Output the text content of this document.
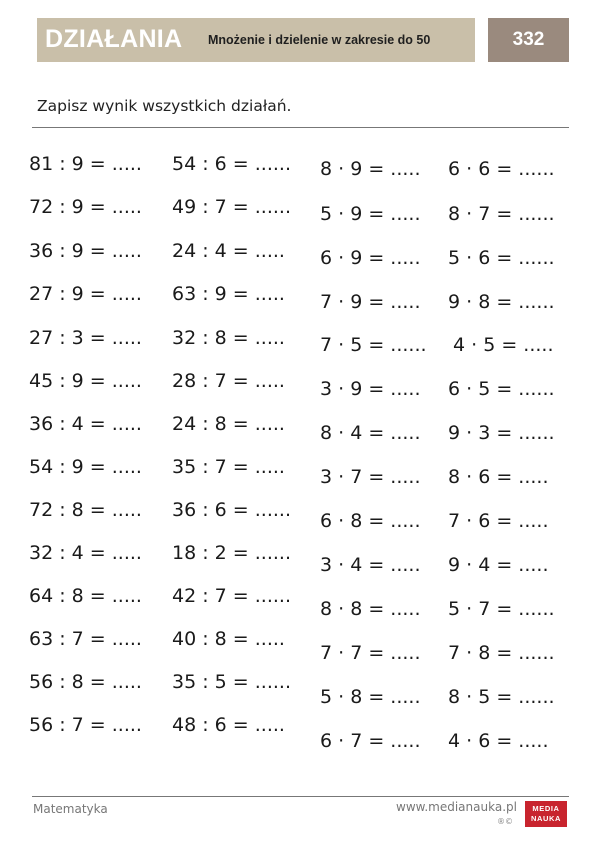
DZIAŁANIA Mnożenie i dzielenie w zakresie do 50	332
Zapisz wynik wszystkich działań.
81 : 9 = .....
72 : 9 = .....
36 : 9 = .....
27 : 9 = .....
27 : 3 = .....
45 : 9 = .....
36 : 4 = .....
54 : 9 = .....
72 : 8 = .....
32 : 4 = .....
64 : 8 = .....
63 : 7 = .....
56 : 8 = .....
56 : 7 = .....
54 : 6 = ......
49 : 7 = ......
24 : 4 = .....
63 : 9 = .....
32 : 8 = .....
28 : 7 = .....
24 : 8 = .....
35 : 7 = .....
36 : 6 = ......
18 : 2 = ......
42 : 7 = ......
40 : 8 = .....
35 : 5 = ......
48 : 6 = .....
8 · 9 = .....
5 · 9 = .....
6 · 9 = .....
7 · 9 = .....
7 · 5 = ......
3 · 9 = .....
8 · 4 = .....
3 · 7 = .....
6 · 8 = .....
3 · 4 = .....
8 · 8 = .....
7 · 7 = .....
5 · 8 = .....
6 · 7 = .....
6 · 6 = ......
8 · 7 = ......
5 · 6 = ......
9 · 8 = ......
4 · 5 = .....
6 · 5 = ......
9 · 3 = ......
8 · 6 = .....
7 · 6 = .....
9 · 4 = .....
5 · 7 = ......
7 · 8 = ......
8 · 5 = ......
4 · 6 = .....
Matematyka	www.medianauka.pl
®©
MEDIA
NAUKA
